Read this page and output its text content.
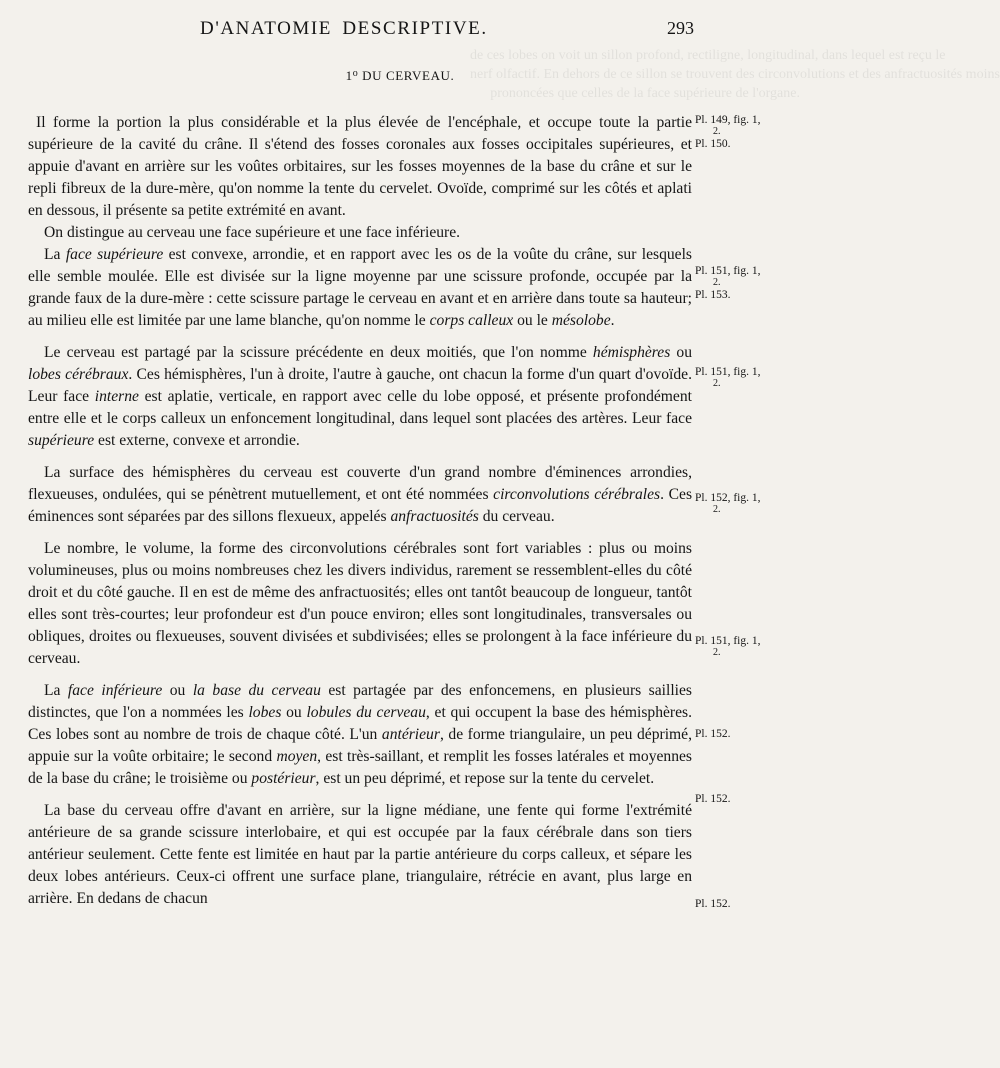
de ces lobes on voit un sillon profond, rectiligne, longitudinal, dans lequel est reçu le
nerf olfactif. En dehors de ce sillon se trouvent des circonvolutions et des anfractuosités moins
prononcées que celles de la face supérieure de l'organe.
D'ANATOMIE DESCRIPTIVE.	293
1$^o$ DU CERVEAU.

Il forme la portion la plus considérable et la plus élevée de l'encéphale, et occupe toute la partie supérieure de la cavité du crâne. Il s'étend des fosses coronales aux fosses occipitales supérieures, et appuie d'avant en arrière sur les voûtes orbitaires, sur les fosses moyennes de la base du crâne et sur le repli fibreux de la dure-mère, qu'on nomme la tente du cervelet. Ovoïde, comprimé sur les côtés et aplati en dessous, il présente sa petite extrémité en avant.

On distingue au cerveau une face supérieure et une face inférieure.

La face supérieure est convexe, arrondie, et en rapport avec les os de la voûte du crâne, sur lesquels elle semble moulée. Elle est divisée sur la ligne moyenne par une scissure profonde, occupée par la grande faux de la dure-mère : cette scissure partage le cerveau en avant et en arrière dans toute sa hauteur; au milieu elle est limitée par une lame blanche, qu'on nomme le corps calleux ou le mésolobe.

Le cerveau est partagé par la scissure précédente en deux moitiés, que l'on nomme hémisphères ou lobes cérébraux. Ces hémisphères, l'un à droite, l'autre à gauche, ont chacun la forme d'un quart d'ovoïde. Leur face interne est aplatie, verticale, en rapport avec celle du lobe opposé, et présente profondément entre elle et le corps calleux un enfoncement longitudinal, dans lequel sont placées des artères. Leur face supérieure est externe, convexe et arrondie.

La surface des hémisphères du cerveau est couverte d'un grand nombre d'éminences arrondies, flexueuses, ondulées, qui se pénètrent mutuellement, et ont été nommées circonvolutions cérébrales. Ces éminences sont séparées par des sillons flexueux, appelés anfractuosités du cerveau.

Le nombre, le volume, la forme des circonvolutions cérébrales sont fort variables : plus ou moins volumineuses, plus ou moins nombreuses chez les divers individus, rarement se ressemblent-elles du côté droit et du côté gauche. Il en est de même des anfractuosités; elles ont tantôt beaucoup de longueur, tantôt elles sont très-courtes; leur profondeur est d'un pouce environ; elles sont longitudinales, transversales ou obliques, droites ou flexueuses, souvent divisées et subdivisées; elles se prolongent à la face inférieure du cerveau.

La face inférieure ou la base du cerveau est partagée par des enfoncemens, en plusieurs saillies distinctes, que l'on a nommées les lobes ou lobules du cerveau, et qui occupent la base des hémisphères. Ces lobes sont au nombre de trois de chaque côté. L'un antérieur, de forme triangulaire, un peu déprimé, appuie sur la voûte orbitaire; le second moyen, est très-saillant, et remplit les fosses latérales et moyennes de la base du crâne; le troisième ou postérieur, est un peu déprimé, et repose sur la tente du cervelet.

La base du cerveau offre d'avant en arrière, sur la ligne médiane, une fente qui forme l'extrémité antérieure de sa grande scissure interlobaire, et qui est occupée par la faux cérébrale dans son tiers antérieur seulement. Cette fente est limitée en haut par la partie antérieure du corps calleux, et sépare les deux lobes antérieurs. Ceux-ci offrent une surface plane, triangulaire, rétrécie en avant, plus large en arrière. En dedans de chacun

Pl. 149, fig. 1,
2.
Pl. 150.
Pl. 151, fig. 1,
2.
Pl. 153.
Pl. 151, fig. 1,
2.
Pl. 152, fig. 1,
2.
Pl. 151, fig. 1,
2.
Pl. 152.
Pl. 152.
Pl. 152.
